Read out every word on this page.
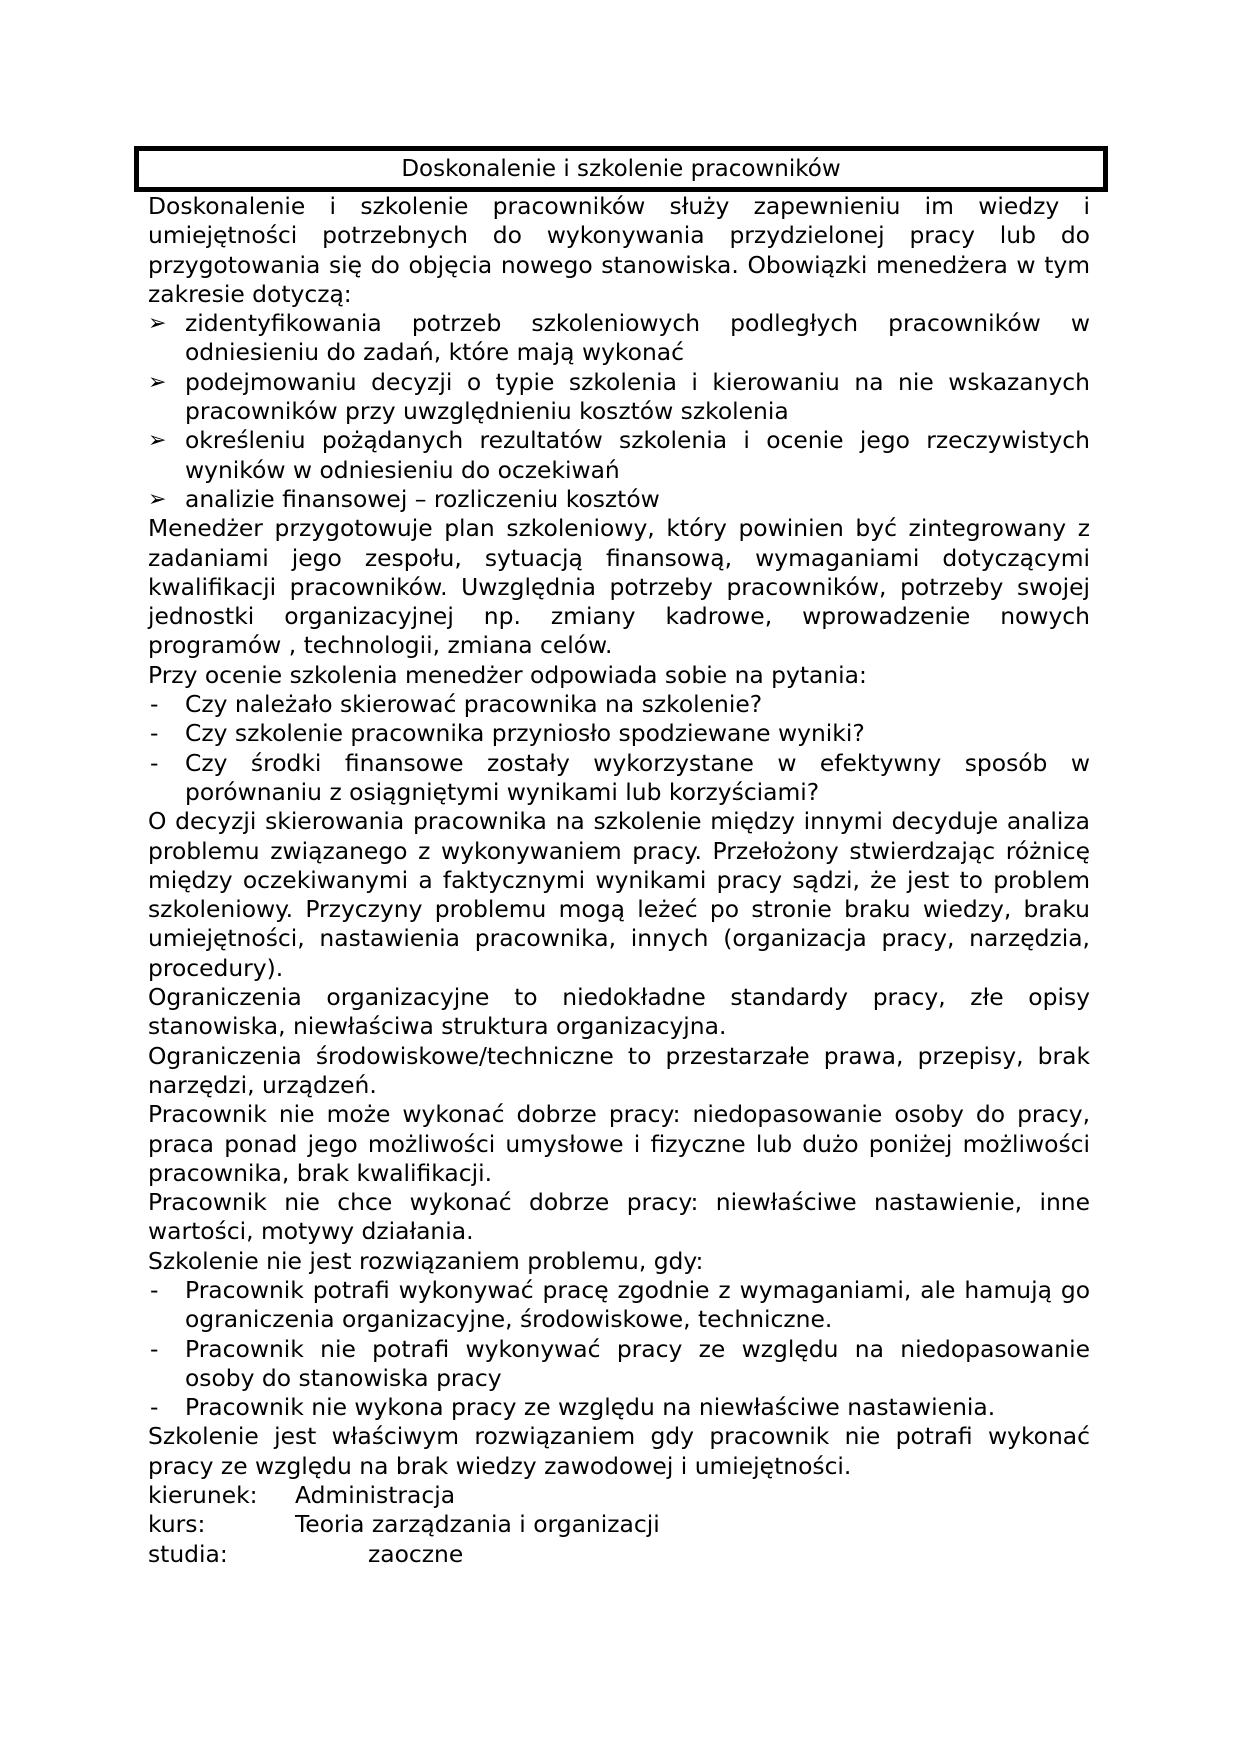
Doskonalenie i szkolenie pracowników

Doskonalenie i szkolenie pracowników służy zapewnieniu im wiedzy i umiejętności potrzebnych do wykonywania przydzielonej pracy lub do przygotowania się do objęcia nowego stanowiska. Obowiązki menedżera w tym zakresie dotyczą:

➢ zidentyfikowania potrzeb szkoleniowych podległych pracowników w odniesieniu do zadań, które mają wykonać
➢ podejmowaniu decyzji o typie szkolenia i kierowaniu na nie wskazanych pracowników przy uwzględnieniu kosztów szkolenia
➢ określeniu pożądanych rezultatów szkolenia i ocenie jego rzeczywistych wyników w odniesieniu do oczekiwań
➢ analizie finansowej – rozliczeniu kosztów

Menedżer przygotowuje plan szkoleniowy, który powinien być zintegrowany z zadaniami jego zespołu, sytuacją finansową, wymaganiami dotyczącymi kwalifikacji pracowników. Uwzględnia potrzeby pracowników, potrzeby swojej jednostki organizacyjnej np. zmiany kadrowe, wprowadzenie nowych programów , technologii, zmiana celów.

Przy ocenie szkolenia menedżer odpowiada sobie na pytania:

-	Czy należało skierować pracownika na szkolenie?
-	Czy szkolenie pracownika przyniosło spodziewane wyniki?
-	Czy środki finansowe zostały wykorzystane w efektywny sposób w porównaniu z osiągniętymi wynikami lub korzyściami?

O decyzji skierowania pracownika na szkolenie między innymi decyduje analiza problemu związanego z wykonywaniem pracy. Przełożony stwierdzając różnicę między oczekiwanymi a faktycznymi wynikami pracy sądzi, że jest to problem szkoleniowy. Przyczyny problemu mogą leżeć po stronie braku wiedzy, braku umiejętności, nastawienia pracownika, innych (organizacja pracy, narzędzia, procedury).

Ograniczenia organizacyjne to niedokładne standardy pracy, złe opisy stanowiska, niewłaściwa struktura organizacyjna.

Ograniczenia środowiskowe/techniczne to przestarzałe prawa, przepisy, brak narzędzi, urządzeń.

Pracownik nie może wykonać dobrze pracy: niedopasowanie osoby do pracy, praca ponad jego możliwości umysłowe i fizyczne lub dużo poniżej możliwości pracownika, brak kwalifikacji.

Pracownik nie chce wykonać dobrze pracy: niewłaściwe nastawienie, inne wartości, motywy działania.

Szkolenie nie jest rozwiązaniem problemu, gdy:

-	Pracownik potrafi wykonywać pracę zgodnie z wymaganiami, ale hamują go ograniczenia organizacyjne, środowiskowe, techniczne.
-	Pracownik nie potrafi wykonywać pracy ze względu na niedopasowanie osoby do stanowiska pracy
-	Pracownik nie wykona pracy ze względu na niewłaściwe nastawienia.

Szkolenie jest właściwym rozwiązaniem gdy pracownik nie potrafi wykonać pracy ze względu na brak wiedzy zawodowej i umiejętności.

kierunek:	Administracja
kurs:	Teoria zarządzania i organizacji
studia:	zaoczne
